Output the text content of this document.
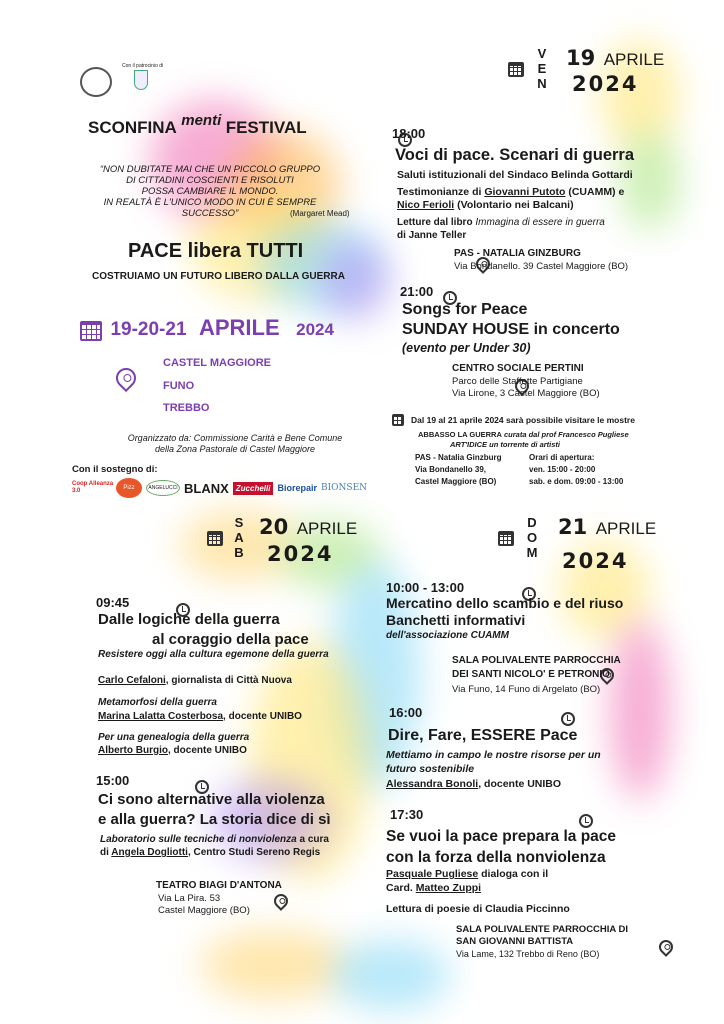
Con il patrocinio di
V
E
N
19 APRILE
2024
SCONFINA menti FESTIVAL
“NON DUBITATE MAI CHE UN PICCOLO GRUPPO
DI CITTADINI COSCIENTI E RISOLUTI
POSSA CAMBIARE IL MONDO.
IN REALTÀ È L'UNICO MODO IN CUI È SEMPRE SUCCESSO”	(Margaret Mead)
PACE libera TUTTI
COSTRUIAMO UN FUTURO LIBERO DALLA GUERRA
19-20-21 APRILE 2024

CASTEL MAGGIORE
FUNO
TREBBO
Organizzato da: Commissione Carità e Bene Comune
della Zona Pastorale di Castel Maggiore
Con il sostegno di:
Coop Alleanza 3.0	Pizz	ANGELUCCI BLANX Zucchelli Biorepair BIONSEN

18:00
Voci di pace. Scenari di guerra
Saluti istituzionali del Sindaco Belinda Gottardi
Testimonianze di Giovanni Putoto (CUAMM) e
Nico Ferioli (Volontario nei Balcani)
Letture dal libro Immagina di essere in guerra
di Janne Teller

PAS - NATALIA GINZBURG
Via Bondanello. 39 Castel Maggiore (BO)

21:00
Songs for Peace
SUNDAY HOUSE in concerto
(evento per Under 30)

CENTRO SOCIALE PERTINI
Parco delle Staffette Partigiane
Via Lirone, 3 Castel Maggiore (BO)
Dal 19 al 21 aprile 2024 sarà possibile visitare le mostre
ABBASSO LA GUERRA curata dal prof Francesco Pugliese
ART'IDICE un torrente di artisti
PAS - Natalia Ginzburg
Via Bondanello 39,
Castel Maggiore (BO)
Orari di apertura:
ven. 15:00 - 20:00
sab. e dom. 09:00 - 13:00
S
A
B
20 APRILE
2024

09:45
Dalle logiche della guerra
al coraggio della pace
Resistere oggi alla cultura egemone della guerra
Carlo Cefaloni, giornalista di Città Nuova
Metamorfosi della guerra
Marina Lalatta Costerbosa, docente UNIBO
Per una genealogia della guerra
Alberto Burgio, docente UNIBO

15:00
Ci sono alternative alla violenza
e alla guerra? La storia dice di sì
Laboratorio sulle tecniche di nonviolenza a cura
di Angela Dogliotti, Centro Studi Sereno Regis

TEATRO BIAGI D'ANTONA
Via La Pira. 53
Castel Maggiore (BO)
D
O
M
21 APRILE
2024

10:00 - 13:00
Mercatino dello scambio e del riuso
Banchetti informativi
dell'associazione CUAMM

SALA POLIVALENTE PARROCCHIA
DEI SANTI NICOLO' E PETRONIO
Via Funo, 14 Funo di Argelato (BO)

16:00
Dire, Fare, ESSERE Pace
Mettiamo in campo le nostre risorse per un
futuro sostenibile
Alessandra Bonoli, docente UNIBO

17:30
Se vuoi la pace prepara la pace
con la forza della nonviolenza
Pasquale Pugliese dialoga con il
Card. Matteo Zuppi
Lettura di poesie di Claudia Piccinno
SALA POLIVALENTE PARROCCHIA DI
SAN GIOVANNI BATTISTA
Via Lame, 132 Trebbo di Reno (BO)
